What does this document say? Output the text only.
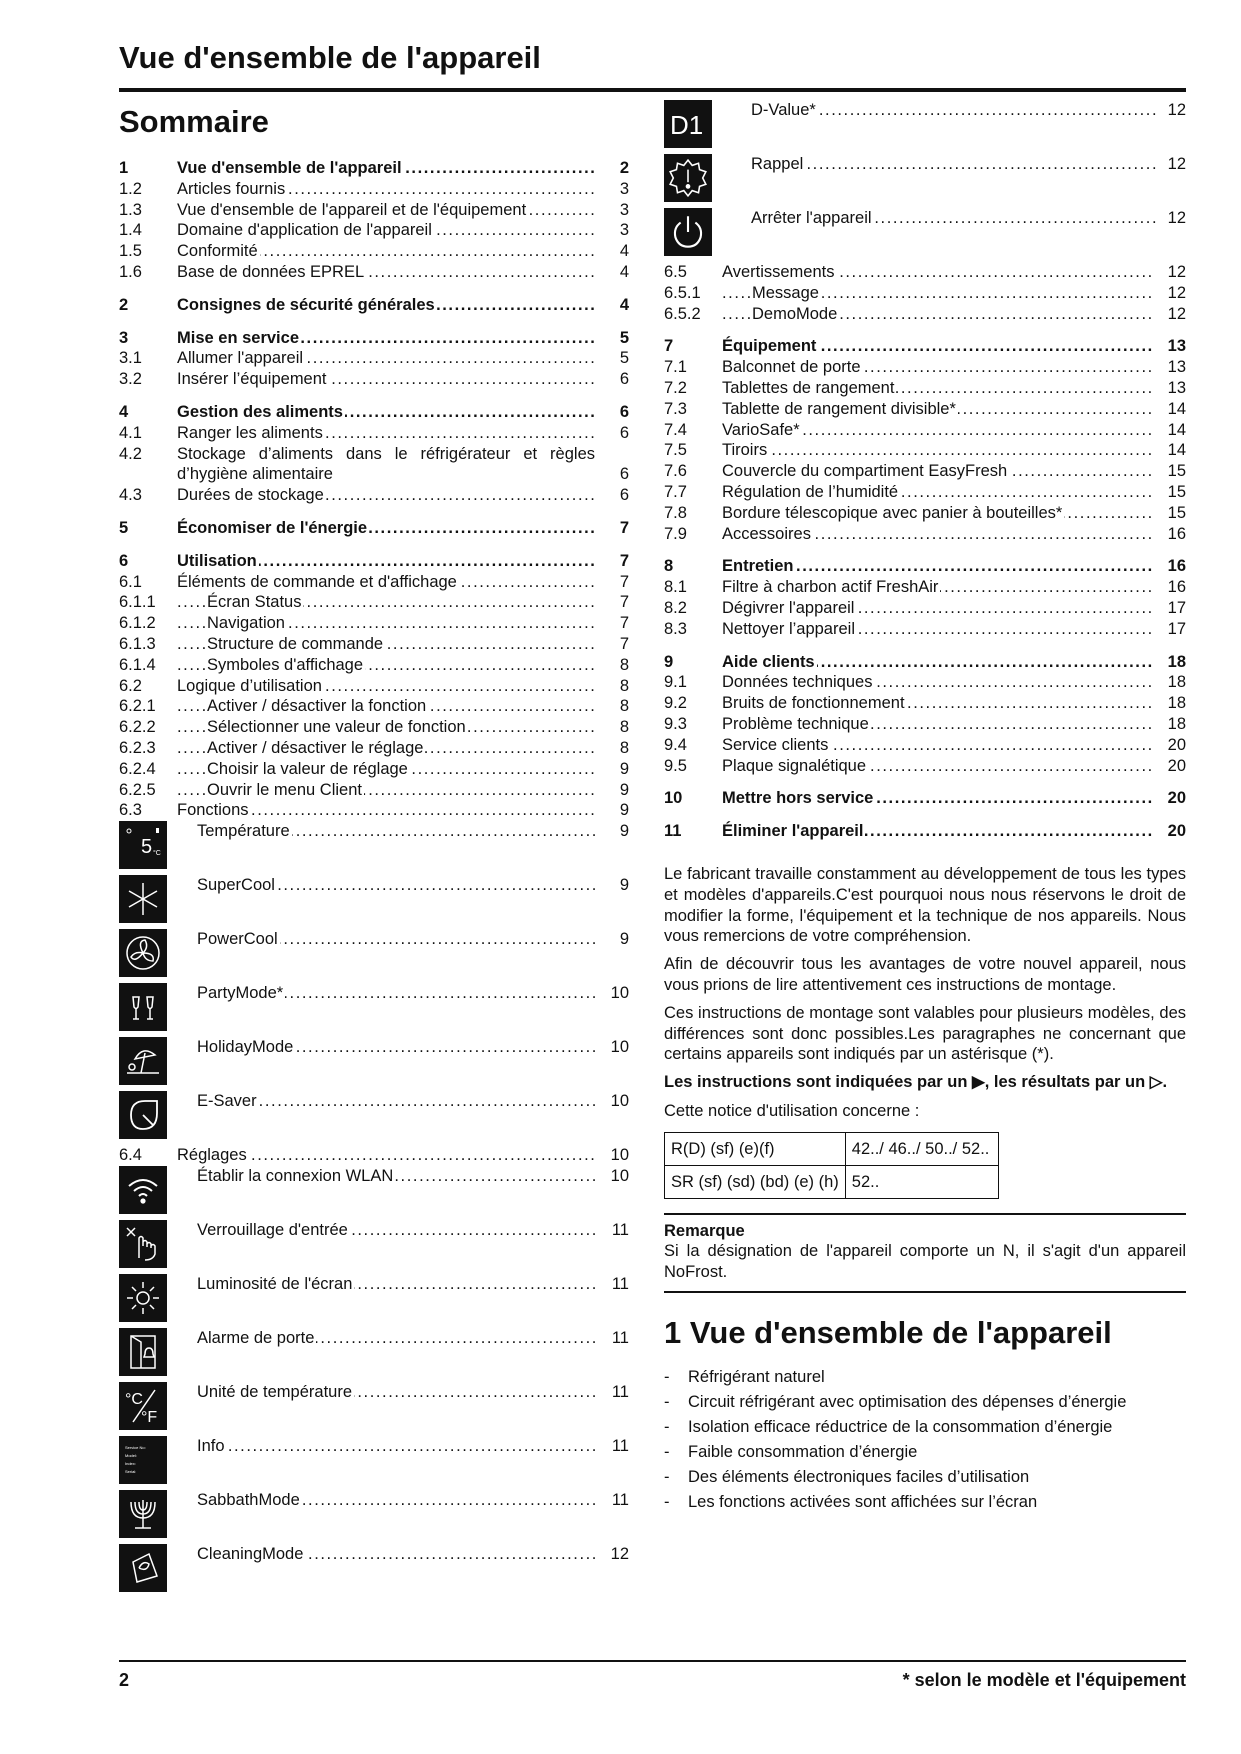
Vue d'ensemble de l'appareil
Sommaire
1	Vue d'ensemble de l'appareil . . .	2
1.2	Articles fournis . . .	3
1.3	Vue d'ensemble de l'appareil et de l'équipement . . .	3
1.4	Domaine d'application de l'appareil . . .	3
1.5	Conformité . . .	4
1.6	Base de données EPREL . . .	4
2	Consignes de sécurité générales . . .	4
3	Mise en service . . .	5
3.1	Allumer l'appareil . . .	5
3.2	Insérer l’équipement . . .	6
4	Gestion des aliments . . .	6
4.1	Ranger les aliments . . .	6
4.2	Stockage d’aliments dans le réfrigérateur et règles d’hygiène alimentaire	6
4.3	Durées de stockage . . .	6
5	Économiser de l'énergie . . .	7
6	Utilisation . . .	7
6.1	Éléments de commande et d'affichage . . .	7
6.1.1	Écran Status . . .	7
6.1.2	Navigation . . .	7
6.1.3	Structure de commande . . .	7
6.1.4	Symboles d'affichage . . .	8
6.2	Logique d’utilisation . . .	8
6.2.1	Activer / désactiver la fonction . . .	8
6.2.2	Sélectionner une valeur de fonction . . .	8
6.2.3	Activer / désactiver le réglage . . .	8
6.2.4	Choisir la valeur de réglage . . .	9
6.2.5	Ouvrir le menu Client . . .	9
6.3	Fonctions . . .	9
5 °C
Température . . .	9
SuperCool . . .	9
PowerCool . . .	9
PartyMode* . . .	10
HolidayMode . . .	10
E-Saver . . .	10
6.4	Réglages . . .	10
Établir la connexion WLAN . . .	10
Verrouillage d'entrée . . .	11
Luminosité de l'écran . . .	11
Alarme de porte . . .	11
°C
°F
Unité de température . . .	11
Service No:
Model:
Index:
Serial:
Info . . .	11
SabbathMode . . .	11
CleaningMode . . .	12
D1	D-Value* . . .	12
Rappel . . .	12
Arrêter l'appareil . . .	12
6.5	Avertissements . . .	12
6.5.1	Message . . .	12
6.5.2	DemoMode . . .	12
7	Équipement . . .	13
7.1	Balconnet de porte . . .	13
7.2	Tablettes de rangement . . .	13
7.3	Tablette de rangement divisible* . . .	14
7.4	VarioSafe* . . .	14
7.5	Tiroirs . . .	14
7.6	Couvercle du compartiment EasyFresh . . .	15
7.7	Régulation de l’humidité . . .	15
7.8	Bordure télescopique avec panier à bouteilles* . . .	15
7.9	Accessoires . . .	16
8	Entretien . . .	16
8.1	Filtre à charbon actif FreshAir . . .	16
8.2	Dégivrer l'appareil . . .	17
8.3	Nettoyer l’appareil . . .	17
9	Aide clients . . .	18
9.1	Données techniques . . .	18
9.2	Bruits de fonctionnement . . .	18
9.3	Problème technique . . .	18
9.4	Service clients . . .	20
9.5	Plaque signalétique . . .	20
10	Mettre hors service . . .	20
11	Éliminer l'appareil . . .	20

Le fabricant travaille constamment au développement de tous les types et modèles d'appareils.C'est pourquoi nous nous réservons le droit de modifier la forme, l'équipement et la technique de nos appareils. Nous vous remercions de votre compréhension.

Afin de découvrir tous les avantages de votre nouvel appareil, nous vous prions de lire attentivement ces instructions de montage.

Ces instructions de montage sont valables pour plusieurs modèles, des différences sont donc possibles.Les paragraphes ne concernant que certains appareils sont indiqués par un astérisque (*).

Les instructions sont indiquées par un ▶, les résultats par un ▷.

Cette notice d'utilisation concerne :

R(D) (sf) (e)(f)	42../ 46../ 50../ 52..
SR (sf) (sd) (bd) (e) (h)	52..
Remarque
Si la désignation de l'appareil comporte un N, il s'agit d'un appareil NoFrost.
1 Vue d'ensemble de l'appareil
- Réfrigérant naturel
- Circuit réfrigérant avec optimisation des dépenses d’énergie
- Isolation efficace réductrice de la consommation d’énergie
- Faible consommation d’énergie
- Des éléments électroniques faciles d’utilisation
- Les fonctions activées sont affichées sur l’écran
2	* selon le modèle et l'équipement
